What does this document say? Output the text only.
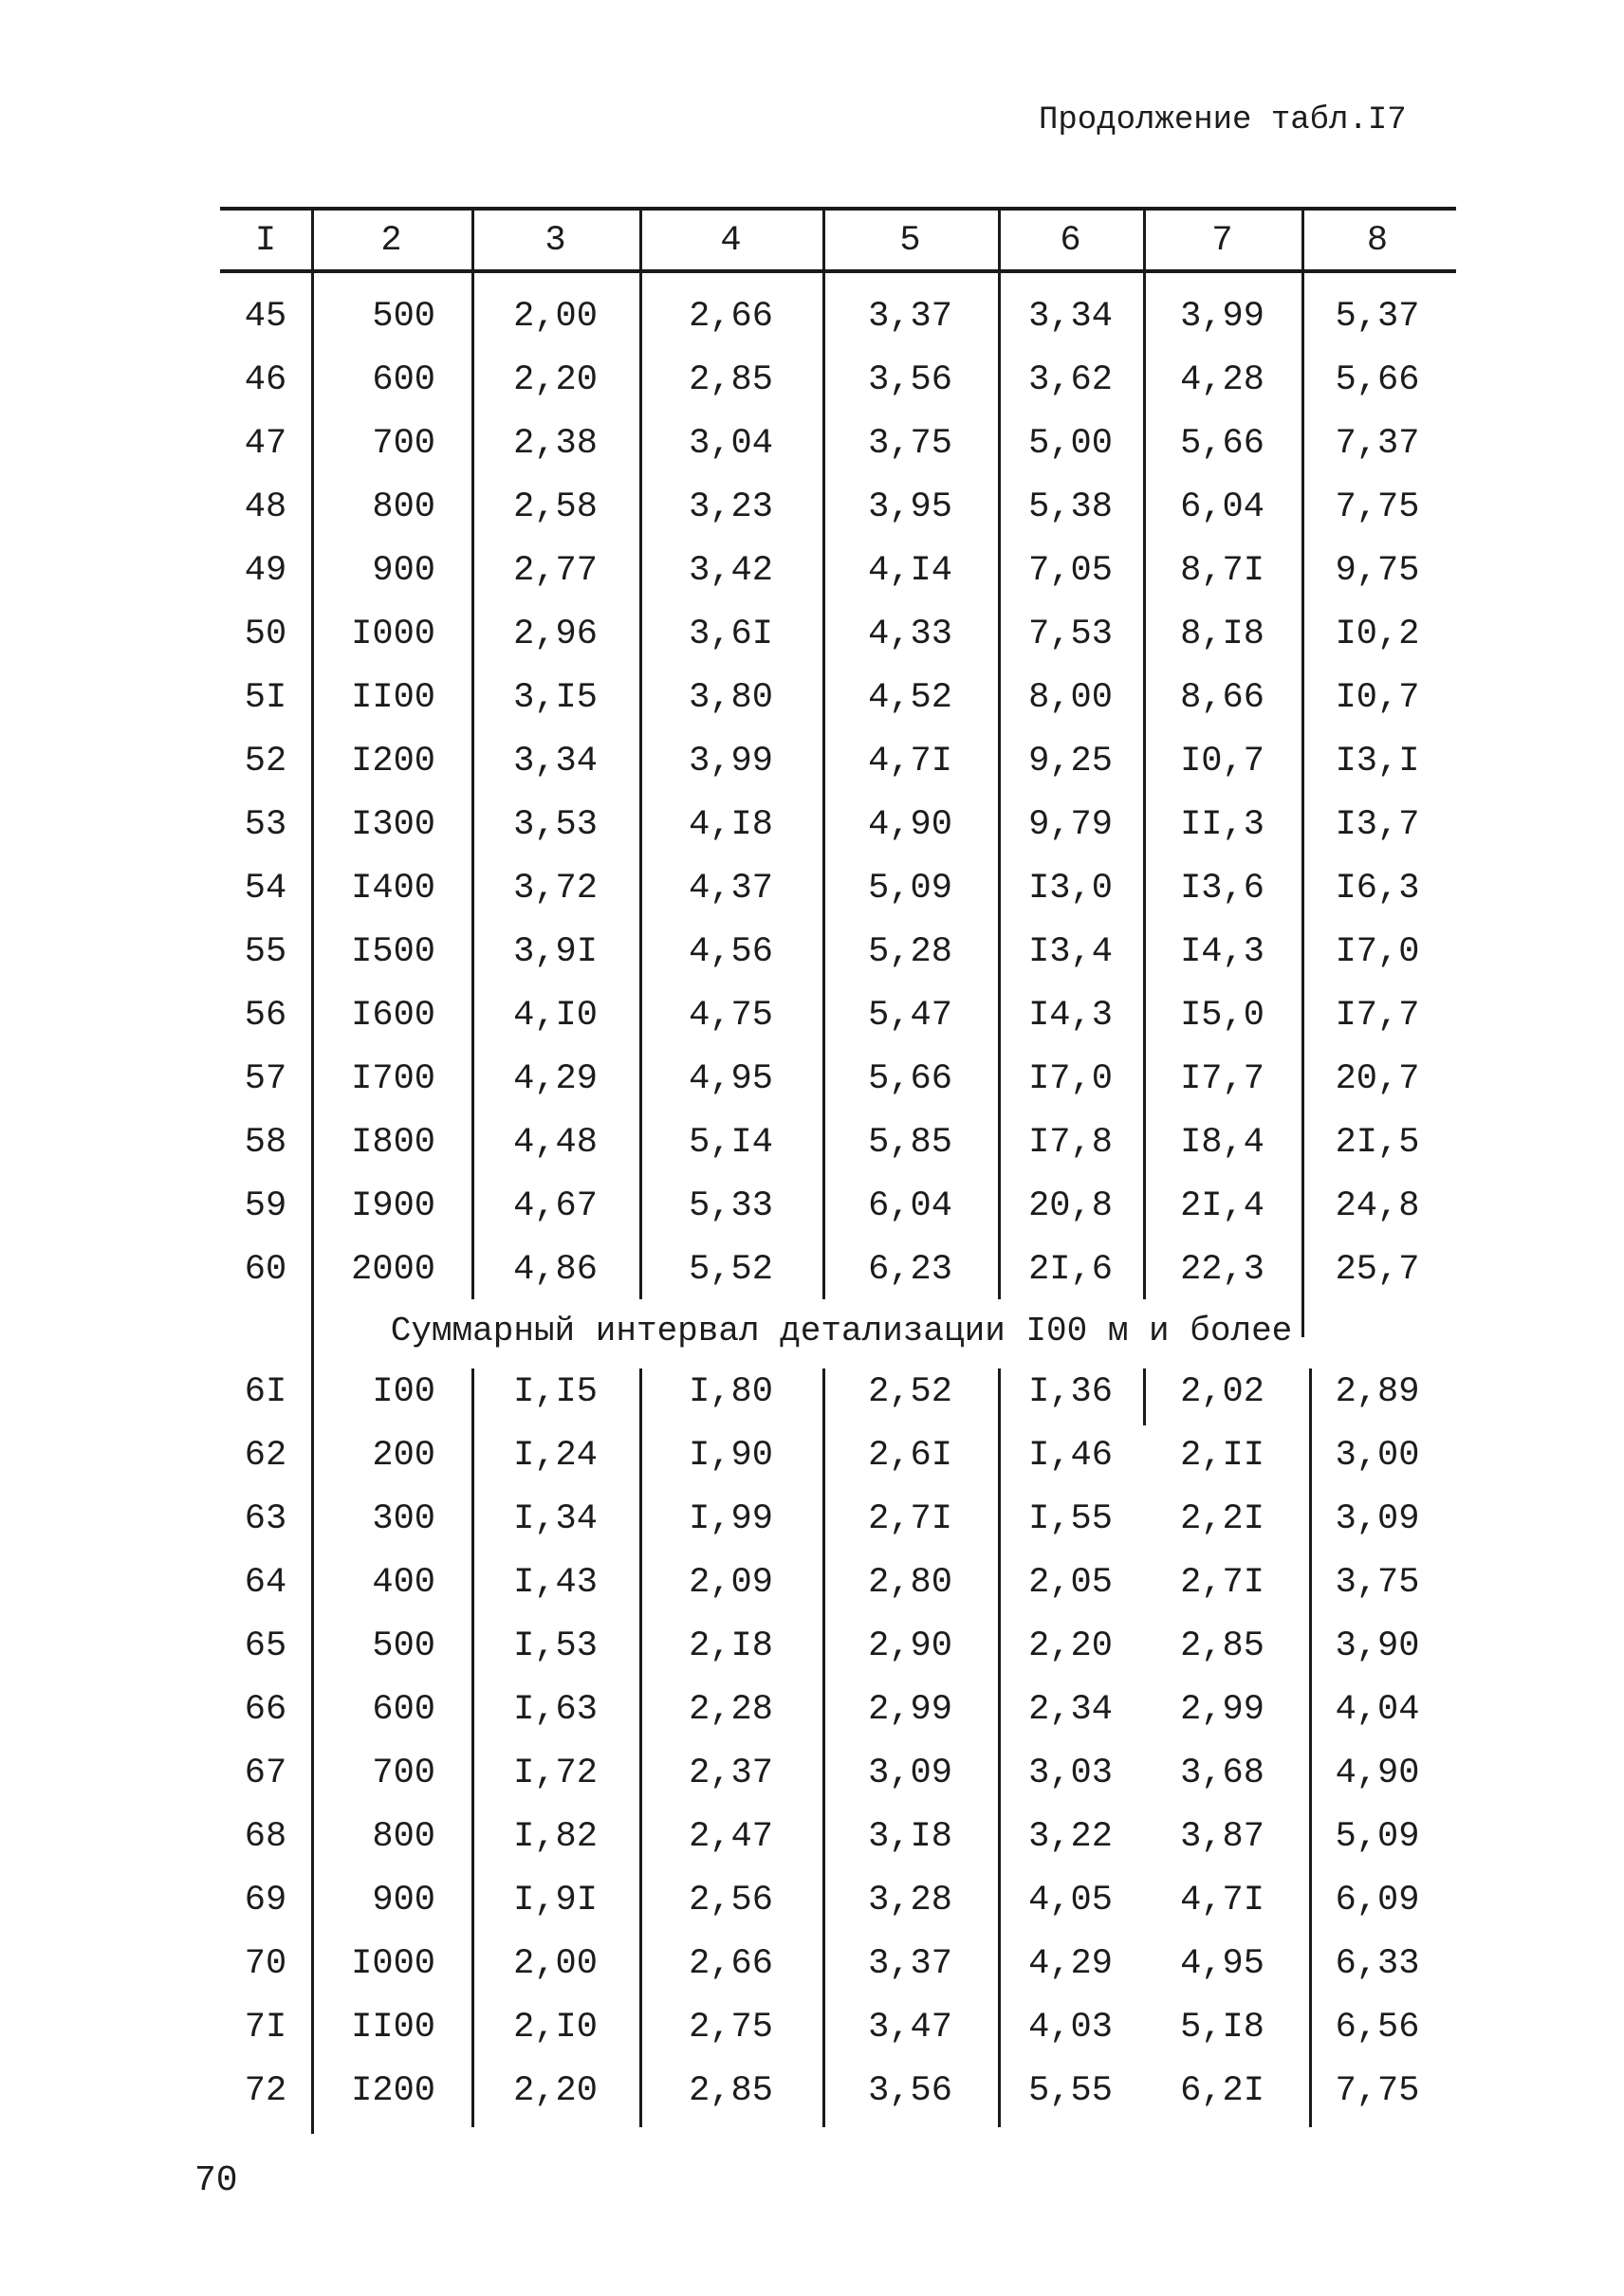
Продолжение табл.I7
I	2	3	4	5	6	7	8

45	500	2,00	2,66	3,37	3,34	3,99	5,37
46	600	2,20	2,85	3,56	3,62	4,28	5,66
47	700	2,38	3,04	3,75	5,00	5,66	7,37
48	800	2,58	3,23	3,95	5,38	6,04	7,75
49	900	2,77	3,42	4,I4	7,05	8,7I	9,75
50	I000	2,96	3,6I	4,33	7,53	8,I8	I0,2
5I	II00	3,I5	3,80	4,52	8,00	8,66	I0,7
52	I200	3,34	3,99	4,7I	9,25	I0,7	I3,I
53	I300	3,53	4,I8	4,90	9,79	II,3	I3,7
54	I400	3,72	4,37	5,09	I3,0	I3,6	I6,3
55	I500	3,9I	4,56	5,28	I3,4	I4,3	I7,0
56	I600	4,I0	4,75	5,47	I4,3	I5,0	I7,7
57	I700	4,29	4,95	5,66	I7,0	I7,7	20,7
58	I800	4,48	5,I4	5,85	I7,8	I8,4	2I,5
59	I900	4,67	5,33	6,04	20,8	2I,4	24,8
60	2000	4,86	5,52	6,23	2I,6	22,3	25,7
Суммарный интервал детализации I00 м и более							
6I	I00	I,I5	I,80	2,52	I,36	2,02	2,89
62	200	I,24	I,90	2,6I	I,46	2,II	3,00
63	300	I,34	I,99	2,7I	I,55	2,2I	3,09
64	400	I,43	2,09	2,80	2,05	2,7I	3,75
65	500	I,53	2,I8	2,90	2,20	2,85	3,90
66	600	I,63	2,28	2,99	2,34	2,99	4,04
67	700	I,72	2,37	3,09	3,03	3,68	4,90
68	800	I,82	2,47	3,I8	3,22	3,87	5,09
69	900	I,9I	2,56	3,28	4,05	4,7I	6,09
70	I000	2,00	2,66	3,37	4,29	4,95	6,33
7I	II00	2,I0	2,75	3,47	4,03	5,I8	6,56
72	I200	2,20	2,85	3,56	5,55	6,2I	7,75
70
